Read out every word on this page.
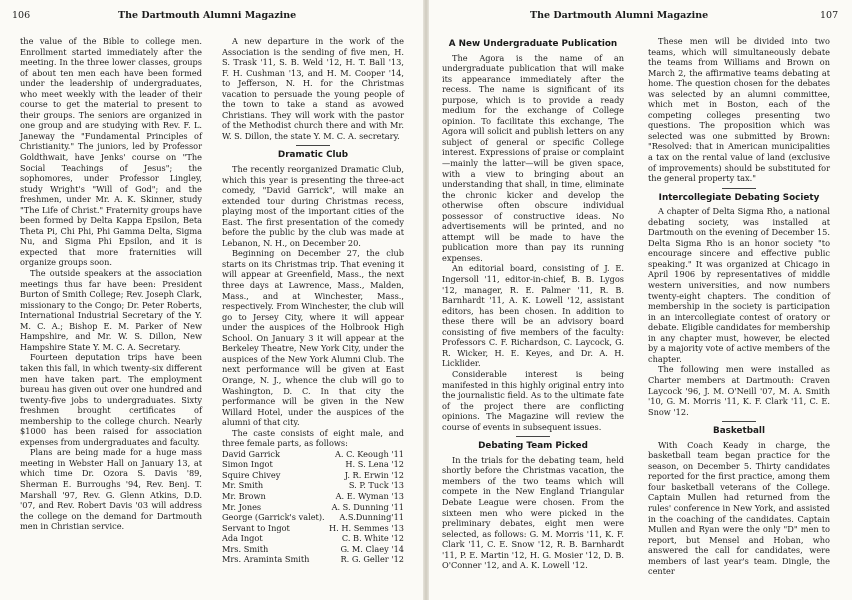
106	The Dartmouth Alumni Magazine

the value of the Bible to college men. Enrollment started immediately after the meeting. In the three lower classes, groups of about ten men each have been formed under the leadership of undergraduates, who meet weekly with the leader of their course to get the material to present to their groups. The seniors are organized in one group and are studying with Rev. F. L. Janeway the "Fundamental Principles of Christianity." The juniors, led by Professor Goldthwait, have Jenks' course on "The Social Teachings of Jesus"; the sophomores, under Professor Lingley, study Wright's "Will of God"; and the freshmen, under Mr. A. K. Skinner, study "The Life of Christ." Fraternity groups have been formed by Delta Kappa Epsilon, Beta Theta Pi, Chi Phi, Phi Gamma Delta, Sigma Nu, and Sigma Phi Epsilon, and it is expected that more fraternities will organize groups soon.

The outside speakers at the association meetings thus far have been: President Burton of Smith College; Rev. Joseph Clark, missionary to the Congo; Dr. Peter Roberts, International Industrial Secretary of the Y. M. C. A.; Bishop E. M. Parker of New Hampshire, and Mr. W. S. Dillon, New Hampshire State Y. M. C. A. Secretary.

Fourteen deputation trips have been taken this fall, in which twenty-six different men have taken part. The employment bureau has given out over one hundred and twenty-five jobs to undergraduates. Sixty freshmen brought certificates of membership to the college church. Nearly $1000 has been raised for association expenses from undergraduates and faculty.

Plans are being made for a huge mass meeting in Webster Hall on January 13, at which time Dr. Ozora S. Davis '89, Sherman E. Burroughs '94, Rev. Benj. T. Marshall '97, Rev. G. Glenn Atkins, D.D. '07, and Rev. Robert Davis '03 will address the college on the demand for Dartmouth men in Christian service.

A new departure in the work of the Association is the sending of five men, H. S. Trask '11, S. B. Weld '12, H. T. Ball '13, F. H. Cushman '13, and H. M. Cooper '14, to Jefferson, N. H. for the Christmas vacation to persuade the young people of the town to take a stand as avowed Christians. They will work with the pastor of the Methodist church there and with Mr. W. S. Dillon, the state Y. M. C. A. secretary.

Dramatic Club

The recently reorganized Dramatic Club, which this year is presenting the three-act comedy, "David Garrick", will make an extended tour during Christmas recess, playing most of the important cities of the East. The first presentation of the comedy before the public by the club was made at Lebanon, N. H., on December 20.

Beginning on December 27, the club starts on its Christmas trip. That evening it will appear at Greenfield, Mass., the next three days at Lawrence, Mass., Malden, Mass., and at Winchester, Mass., respectively. From Winchester, the club will go to Jersey City, where it will appear under the auspices of the Holbrook High School. On January 3 it will appear at the Berkeley Theatre, New York City, under the auspices of the New York Alumni Club. The next performance will be given at East Orange, N. J., whence the club will go to Washington, D. C. In that city the performance will be given in the New Willard Hotel, under the auspices of the alumni of that city.

The caste consists of eight male, and three female parts, as follows:

David Garrick	A. C. Keough '11
Simon Ingot	H. S. Lena '12
Squire Chivey	J. R. Erwin '12
Mr. Smith	S. P. Tuck '13
Mr. Brown	A. E. Wyman '13
Mr. Jones	A. S. Dunning '11
George (Garrick's valet).	A.S.Dunning'11
Servant to Ingot	H. H. Semmes '13
Ada Ingot	C. B. White '12
Mrs. Smith	G. M. Claey '14
Mrs. Araminta Smith	R. G. Geller '12
The Dartmouth Alumni Magazine	107
A New Undergraduate Publication

The Agora is the name of an undergraduate publication that will make its appearance immediately after the recess. The name is significant of its purpose, which is to provide a ready medium for the exchange of College opinion. To facilitate this exchange, The Agora will solicit and publish letters on any subject of general or specific College interest. Expressions of praise or complaint—mainly the latter—will be given space, with a view to bringing about an understanding that shall, in time, eliminate the chronic kicker and develop the otherwise often obscure individual possessor of constructive ideas. No advertisements will be printed, and no attempt will be made to have the publication more than pay its running expenses.

An editorial board, consisting of J. E. Ingersoll '11, editor-in-chief, B. B. Lygos '12, manager, R. E. Palmer '11, R. B. Barnhardt '11, A. K. Lowell '12, assistant editors, has been chosen. In addition to these there will be an advisory board consisting of five members of the faculty: Professors C. F. Richardson, C. Laycock, G. R. Wicker, H. E. Keyes, and Dr. A. H. Licklider.

Considerable interest is being manifested in this highly original entry into the journalistic field. As to the ultimate fate of the project there are conflicting opinions. The Magazine will review the course of events in subsequent issues.

Debating Team Picked

In the trials for the debating team, held shortly before the Christmas vacation, the members of the two teams which will compete in the New England Triangular Debate League were chosen. From the sixteen men who were picked in the preliminary debates, eight men were selected, as follows: G. M. Morris '11, K. F. Clark '11, C. E. Snow '12, R. B. Barnhardt '11, P. E. Martin '12, H. G. Mosier '12, D. B. O'Conner '12, and A. K. Lowell '12.

These men will be divided into two teams, which will simultaneously debate the teams from Williams and Brown on March 2, the affirmative teams debating at home. The question chosen for the debates was selected by an alumni committee, which met in Boston, each of the competing colleges presenting two questions. The proposition which was selected was one submitted by Brown: "Resolved: that in American municipalities a tax on the rental value of land (exclusive of improvements) should be substituted for the general property tax."

Intercollegiate Debating Society

A chapter of Delta Sigma Rho, a national debating society, was installed at Dartmouth on the evening of December 15. Delta Sigma Rho is an honor society "to encourage sincere and effective public speaking." It was organized at Chicago in April 1906 by representatives of middle western universities, and now numbers twenty-eight chapters. The condition of membership in the society is participation in an intercollegiate contest of oratory or debate. Eligible candidates for membership in any chapter must, however, be elected by a majority vote of active members of the chapter.

The following men were installed as Charter members at Dartmouth: Craven Laycock '96, J. M. O'Neill '07, M. A. Smith '10, G. M. Morris '11, K. F. Clark '11, C. E. Snow '12.

Basketball

With Coach Keady in charge, the basketball team began practice for the season, on December 5. Thirty candidates reported for the first practice, among them four basketball veterans of the College. Captain Mullen had returned from the rules' conference in New York, and assisted in the coaching of the candidates. Captain Mullen and Ryan were the only "D" men to report, but Mensel and Hoban, who answered the call for candidates, were members of last year's team. Dingle, the center
